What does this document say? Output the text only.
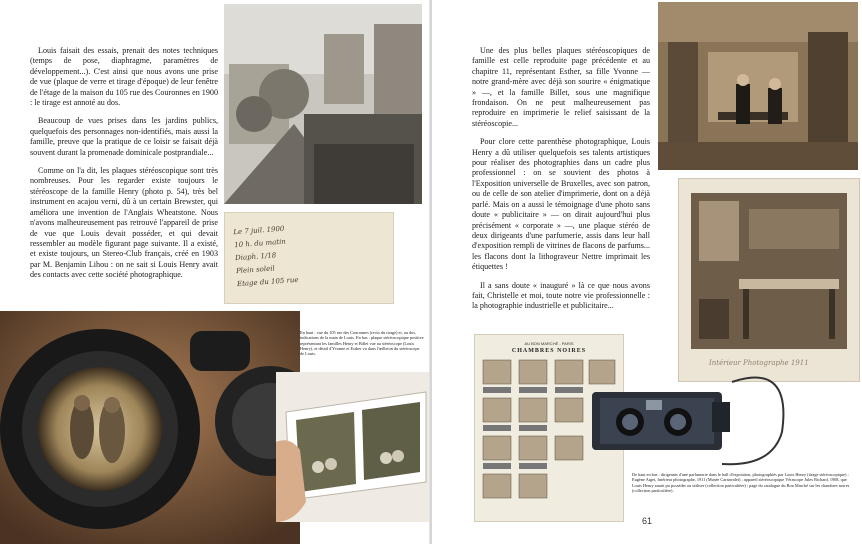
Louis faisait des essais, prenait des notes techniques (temps de pose, diaphragme, paramètres de développement...). C'est ainsi que nous avons une prise de vue (plaque de verre et tirage d'époque) de leur fenêtre de l'étage de la maison du 105 rue des Couronnes en 1900 : le tirage est annoté au dos.

Beaucoup de vues prises dans les jardins publics, quelquefois des personnages non-identifiés, mais aussi la famille, preuve que la pratique de ce loisir se faisait déjà souvent durant la promenade dominicale postprandiale...

Comme on l'a dit, les plaques stéréoscopique sont très nombreuses. Pour les regarder existe toujours le stéréoscope de la famille Henry (photo p. 54), très bel instrument en acajou verni, dû à un certain Brewster, qui améliora une invention de l'Anglais Wheatstone. Nous n'avons malheureusement pas retrouvé l'appareil de prise de vue que Louis devait posséder, et qui devait ressembler au modèle figurant page suivante. Il a existé, et existe toujours, un Stereo-Club français, créé en 1903 par M. Benjamin Lihou : on ne sait si Louis Henry avait des contacts avec cette société photographique.

Le 7 juil. 1900
10 h. du matin
Diaph. 1/18
Plein soleil
Etage du 105 rue
En haut : vue du 105 rue des Couronnes (recto du tirage) et, au dos, indications de la main de Louis. En bas : plaque stéréoscopique positive représentant les familles Henry et Billet vue au stéréoscope (Louis Henry), et détail d'Yvonne et Esther vu dans l'œilleton du stéréoscope de Louis.

Une des plus belles plaques stéréoscopiques de famille est celle reproduite page précédente et au chapitre 11, représentant Esther, sa fille Yvonne — notre grand-mère avec déjà son sourire « énigmatique » —, et la famille Billet, sous une magnifique frondaison. On ne peut malheureusement pas reproduire en imprimerie le relief saisissant de la stéréoscopie...

Pour clore cette parenthèse photographique, Louis Henry a dû utiliser quelquefois ses talents artistiques pour réaliser des photographies dans un cadre plus professionnel : on se souvient des photos à l'Exposition universelle de Bruxelles, avec son patron, ou de celle de son atelier d'imprimerie, dont on a déjà parlé. Mais on a aussi le témoignage d'une photo sans doute « publicitaire » — on dirait aujourd'hui plus précisément « corporate » —, une plaque stéréo de deux dirigeants d'une parfumerie, assis dans leur hall d'exposition rempli de vitrines de flacons de parfums... les flacons dont la lithograveur Nettre imprimait les étiquettes !

Il a sans doute « inauguré » là ce que nous avons fait, Christelle et moi, toute notre vie professionnelle : la photographie industrielle et publicitaire...

Intérieur Photographe 1911
AU BON MARCHÉ - PARIS
CHAMBRES NOIRES
De haut en bas : dirigeants d'une parfumerie dans le hall d'exposition, photographiés par Louis Henry (tirage stéréoscopique) ; Eugène Atget, Intérieur photographe, 1911 (Musée Carnavalet) ; appareil stéréoscopique Vérascope Jules Richard, 1908, que Louis Henry aurait pu posséder ou utiliser (collection particulière) ; page du catalogue du Bon Marché sur les chambres noires (collection particulière).
61
